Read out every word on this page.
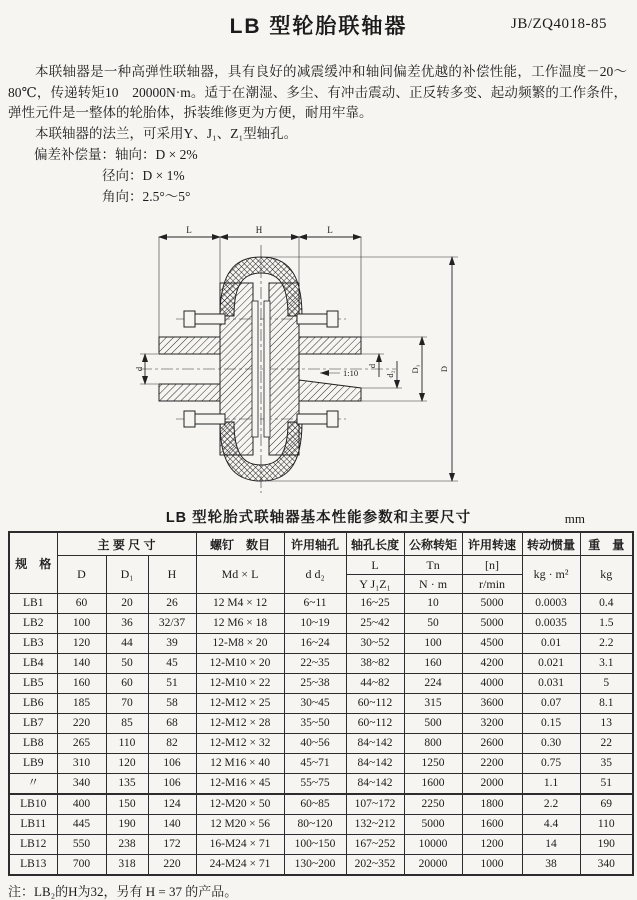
LB 型轮胎联轴器	JB/ZQ4018-85

本联轴器是一种高弹性联轴器，具有良好的减震缓冲和轴间偏差优越的补偿性能，工作温度－20～80℃，传递转矩10　20000N·m。适于在潮湿、多尘、有冲击震动、正反转多变、起动频繁的工作条件，弹性元件是一整体的轮胎体，拆装维修更为方便，耐用牢靠。

本联轴器的法兰，可采用Y、J₁、Z₁型轴孔。

偏差补偿量：轴向：D × 2%
径向：D × 1%
角向：2.5°～5°
L	H	L
d	1:10
d
d₂
D₁ D
LB 型轮胎式联轴器基本性能参数和主要尺寸	mm
规　格	主 要 尺 寸			螺钉　数目	许用轴孔	轴孔长度	公称转矩	许用转速	转动惯量	重　量
	D	D₁	H	Md × L	d d₂	L	Tn	[n]	kg · m²	kg
						Y J₁Z₁	N · m	r/min		
LB1	60	20	26	12 M4 × 12	6~11	16~25	10	5000	0.0003	0.4
LB2	100	36	32/37	12 M6 × 18	10~19	25~42	50	5000	0.0035	1.5
LB3	120	44	39	12-M8 × 20	16~24	30~52	100	4500	0.01	2.2
LB4	140	50	45	12-M10 × 20	22~35	38~82	160	4200	0.021	3.1
LB5	160	60	51	12-M10 × 22	25~38	44~82	224	4000	0.031	5
LB6	185	70	58	12-M12 × 25	30~45	60~112	315	3600	0.07	8.1
LB7	220	85	68	12-M12 × 28	35~50	60~112	500	3200	0.15	13
LB8	265	110	82	12-M12 × 32	40~56	84~142	800	2600	0.30	22
LB9	310	120	106	12 M16 × 40	45~71	84~142	1250	2200	0.75	35
〃	340	135	106	12-M16 × 45	55~75	84~142	1600	2000	1.1	51
LB10	400	150	124	12-M20 × 50	60~85	107~172	2250	1800	2.2	69
LB11	445	190	140	12 M20 × 56	80~120	132~212	5000	1600	4.4	110
LB12	550	238	172	16-M24 × 71	100~150	167~252	10000	1200	14	190
LB13	700	318	220	24-M24 × 71	130~200	202~352	20000	1000	38	340
注：LB₂的H为32，另有 H = 37 的产品。
